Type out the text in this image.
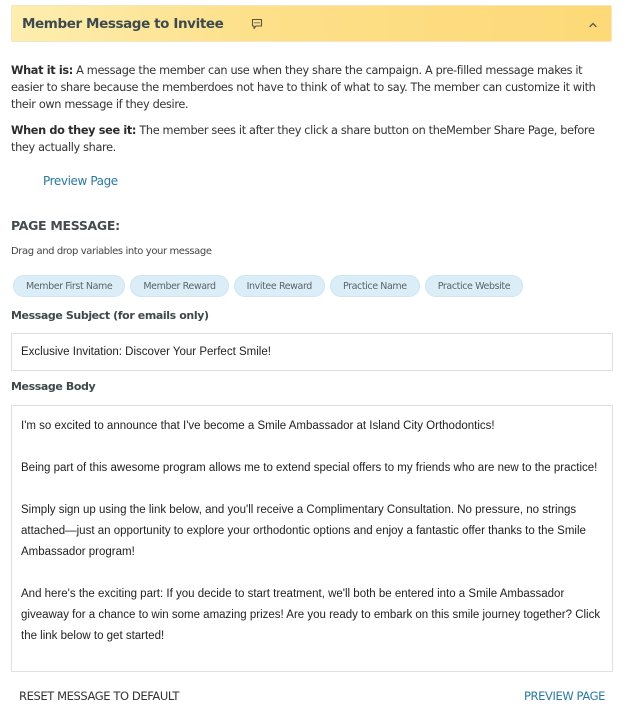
Member Message to Invitee
What it is: A message the member can use when they share the campaign. A pre-filled message makes it easier to share because the memberdoes not have to think of what to say. The member can customize it with their own message if they desire.
When do they see it: The member sees it after they click a share button on theMember Share Page, before they actually share.
Preview Page
PAGE MESSAGE:
Drag and drop variables into your message
Member First Name	Member Reward	Invitee Reward	Practice Name	Practice Website
Message Subject (for emails only)
Exclusive Invitation: Discover Your Perfect Smile!
Message Body

I'm so excited to announce that I've become a Smile Ambassador at Island City Orthodontics!

Being part of this awesome program allows me to extend special offers to my friends who are new to the practice!

Simply sign up using the link below, and you'll receive a Complimentary Consultation. No pressure, no strings attached—just an opportunity to explore your orthodontic options and enjoy a fantastic offer thanks to the Smile Ambassador program!

And here's the exciting part: If you decide to start treatment, we'll both be entered into a Smile Ambassador giveaway for a chance to win some amazing prizes! Are you ready to embark on this smile journey together? Click the link below to get started!

RESET MESSAGE TO DEFAULT	PREVIEW PAGE
